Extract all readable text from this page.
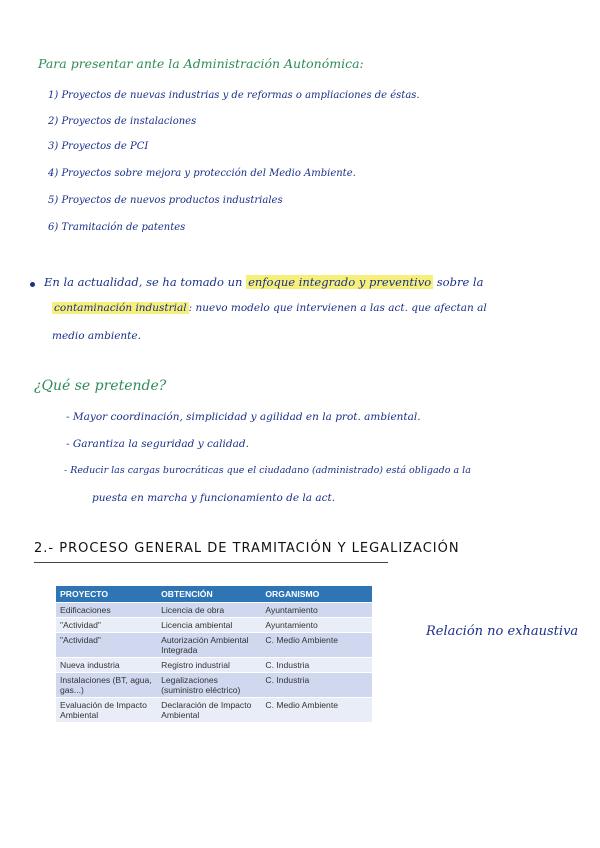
Para presentar ante la Administración Autonómica:
1) Proyectos de nuevas industrias y de reformas o ampliaciones de éstas.
2) Proyectos de instalaciones
3) Proyectos de PCI
4) Proyectos sobre mejora y protección del Medio Ambiente.
5) Proyectos de nuevos productos industriales
6) Tramitación de patentes
En la actualidad, se ha tomado un enfoque integrado y preventivo sobre la
contaminación industrial : nuevo modelo que intervienen a las act. que afectan al
medio ambiente.
¿Qué se pretende?
- Mayor coordinación, simplicidad y agilidad en la prot. ambiental.
- Garantiza la seguridad y calidad.
- Reducir las cargas burocráticas que el ciudadano (administrado) está obligado a la
puesta en marcha y funcionamiento de la act.
2.- PROCESO GENERAL DE TRAMITACIÓN Y LEGALIZACIÓN
PROYECTO	OBTENCIÓN	ORGANISMO
Edificaciones	Licencia de obra	Ayuntamiento
"Actividad"	Licencia ambiental	Ayuntamiento
"Actividad"	Autorización Ambiental Integrada	C. Medio Ambiente
Nueva industria	Registro industrial	C. Industria
Instalaciones (BT, agua, gas...)	Legalizaciones (suministro eléctrico)	C. Industria
Evaluación de Impacto Ambiental	Declaración de Impacto Ambiental	C. Medio Ambiente
Relación no exhaustiva
